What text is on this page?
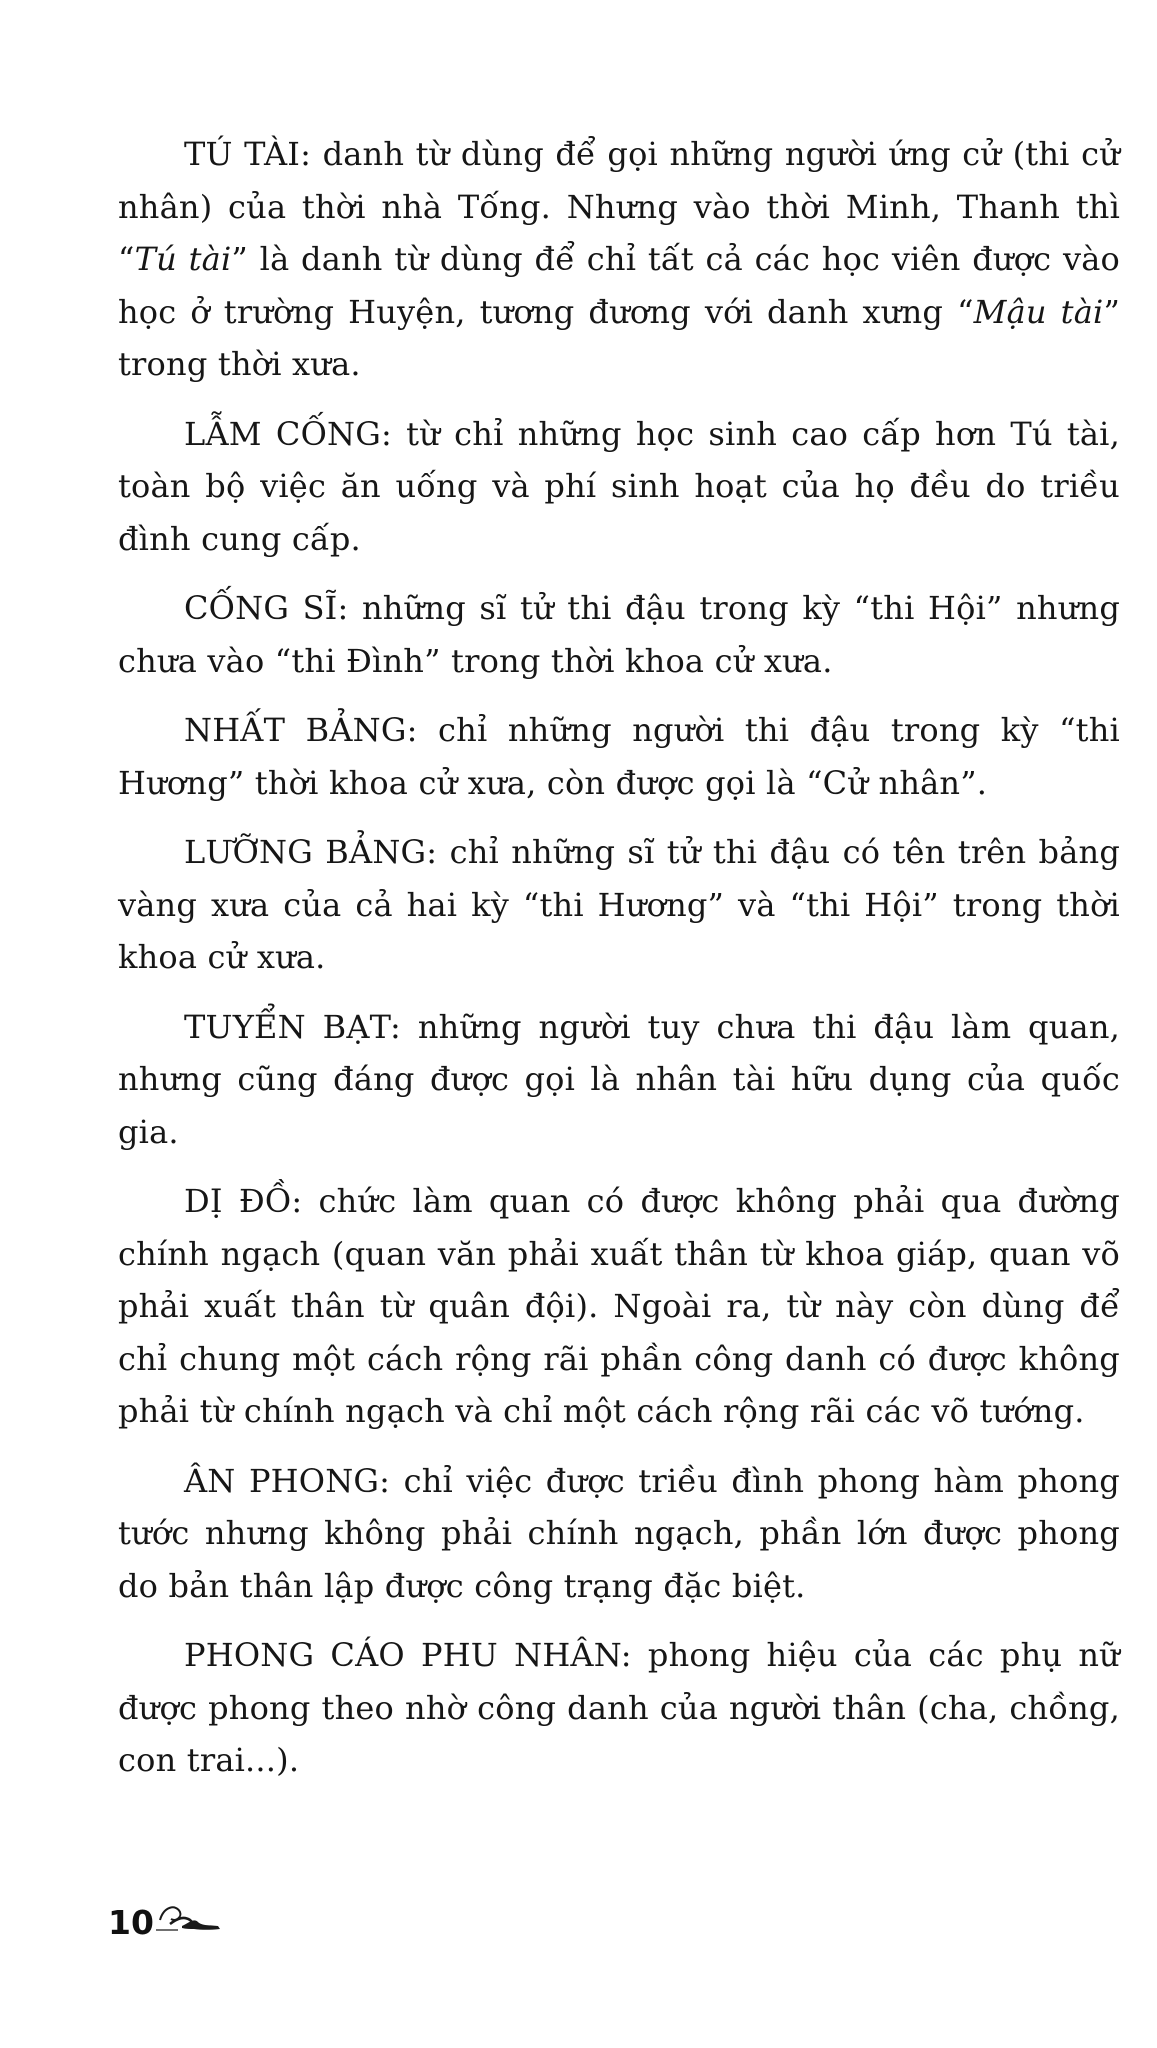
TÚ TÀI: danh từ dùng để gọi những người ứng cử (thi cử nhân) của thời nhà Tống. Nhưng vào thời Minh, Thanh thì “Tú tài” là danh từ dùng để chỉ tất cả các học viên được vào học ở trường Huyện, tương đương với danh xưng “Mậu tài” trong thời xưa.

LẪM CỐNG: từ chỉ những học sinh cao cấp hơn Tú tài, toàn bộ việc ăn uống và phí sinh hoạt của họ đều do triều đình cung cấp.

CỐNG SĨ: những sĩ tử thi đậu trong kỳ “thi Hội” nhưng chưa vào “thi Đình” trong thời khoa cử xưa.

NHẤT BẢNG: chỉ những người thi đậu trong kỳ “thi Hương” thời khoa cử xưa, còn được gọi là “Cử nhân”.

LƯỠNG BẢNG: chỉ những sĩ tử thi đậu có tên trên bảng vàng xưa của cả hai kỳ “thi Hương” và “thi Hội” trong thời khoa cử xưa.

TUYỂN BẠT: những người tuy chưa thi đậu làm quan, nhưng cũng đáng được gọi là nhân tài hữu dụng của quốc gia.

DỊ ĐỒ: chức làm quan có được không phải qua đường chính ngạch (quan văn phải xuất thân từ khoa giáp, quan võ phải xuất thân từ quân đội). Ngoài ra, từ này còn dùng để chỉ chung một cách rộng rãi phần công danh có được không phải từ chính ngạch và chỉ một cách rộng rãi các võ tướng.

ÂN PHONG: chỉ việc được triều đình phong hàm phong tước nhưng không phải chính ngạch, phần lớn được phong do bản thân lập được công trạng đặc biệt.

PHONG CÁO PHU NHÂN: phong hiệu của các phụ nữ được phong theo nhờ công danh của người thân (cha, chồng, con trai...).

10
